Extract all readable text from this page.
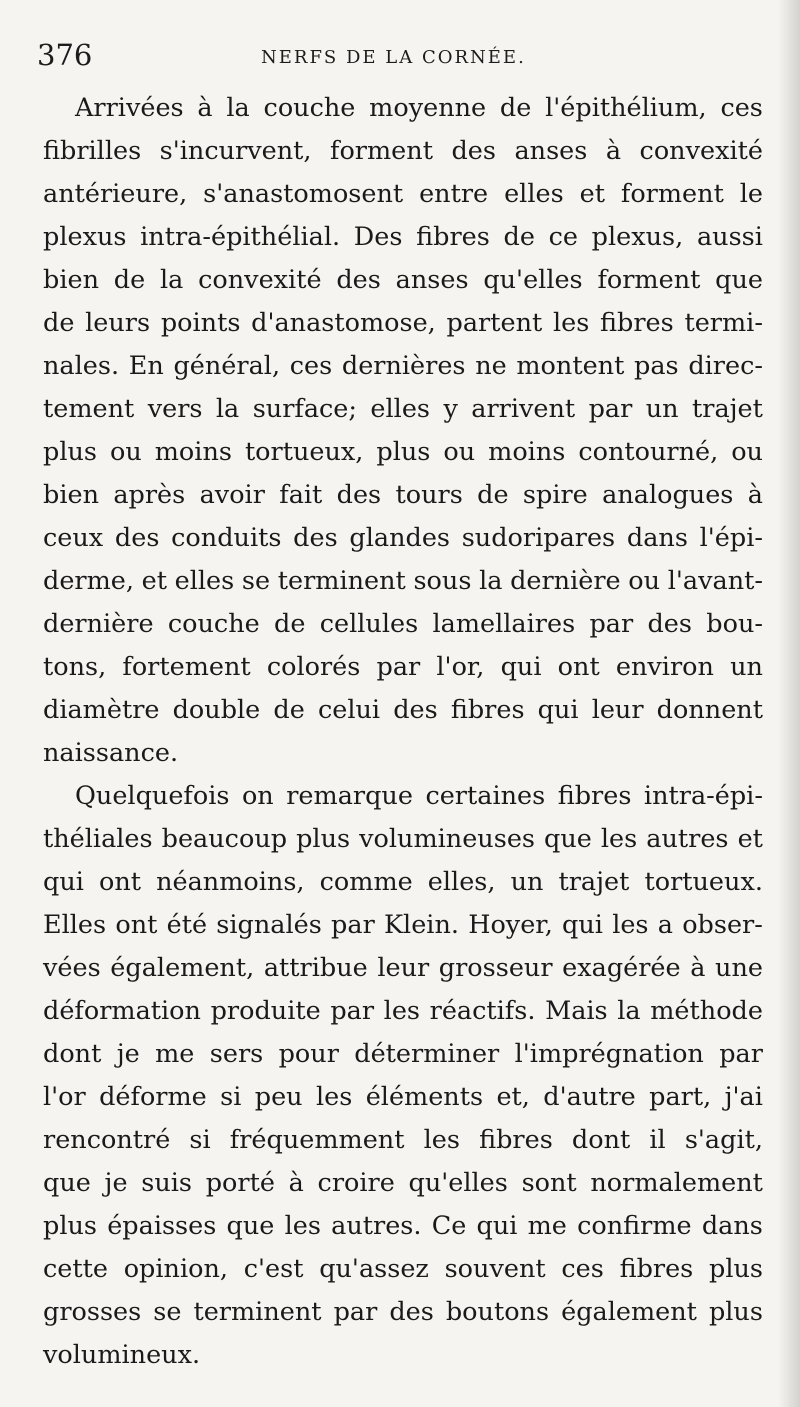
376	NERFS DE LA CORNÉE.
Arrivées à la couche moyenne de l'épithélium, ces
fibrilles s'incurvent, forment des anses à convexité
antérieure, s'anastomosent entre elles et forment le
plexus intra-épithélial. Des fibres de ce plexus, aussi
bien de la convexité des anses qu'elles forment que
de leurs points d'anastomose, partent les fibres termi-
nales. En général, ces dernières ne montent pas direc-
tement vers la surface; elles y arrivent par un trajet
plus ou moins tortueux, plus ou moins contourné, ou
bien après avoir fait des tours de spire analogues à
ceux des conduits des glandes sudoripares dans l'épi-
derme, et elles se terminent sous la dernière ou l'avant-
dernière couche de cellules lamellaires par des bou-
tons, fortement colorés par l'or, qui ont environ un
diamètre double de celui des fibres qui leur donnent
naissance.
Quelquefois on remarque certaines fibres intra-épi-
théliales beaucoup plus volumineuses que les autres et
qui ont néanmoins, comme elles, un trajet tortueux.
Elles ont été signalés par Klein. Hoyer, qui les a obser-
vées également, attribue leur grosseur exagérée à une
déformation produite par les réactifs. Mais la méthode
dont je me sers pour déterminer l'imprégnation par
l'or déforme si peu les éléments et, d'autre part, j'ai
rencontré si fréquemment les fibres dont il s'agit,
que je suis porté à croire qu'elles sont normalement
plus épaisses que les autres. Ce qui me confirme dans
cette opinion, c'est qu'assez souvent ces fibres plus
grosses se terminent par des boutons également plus
volumineux.
